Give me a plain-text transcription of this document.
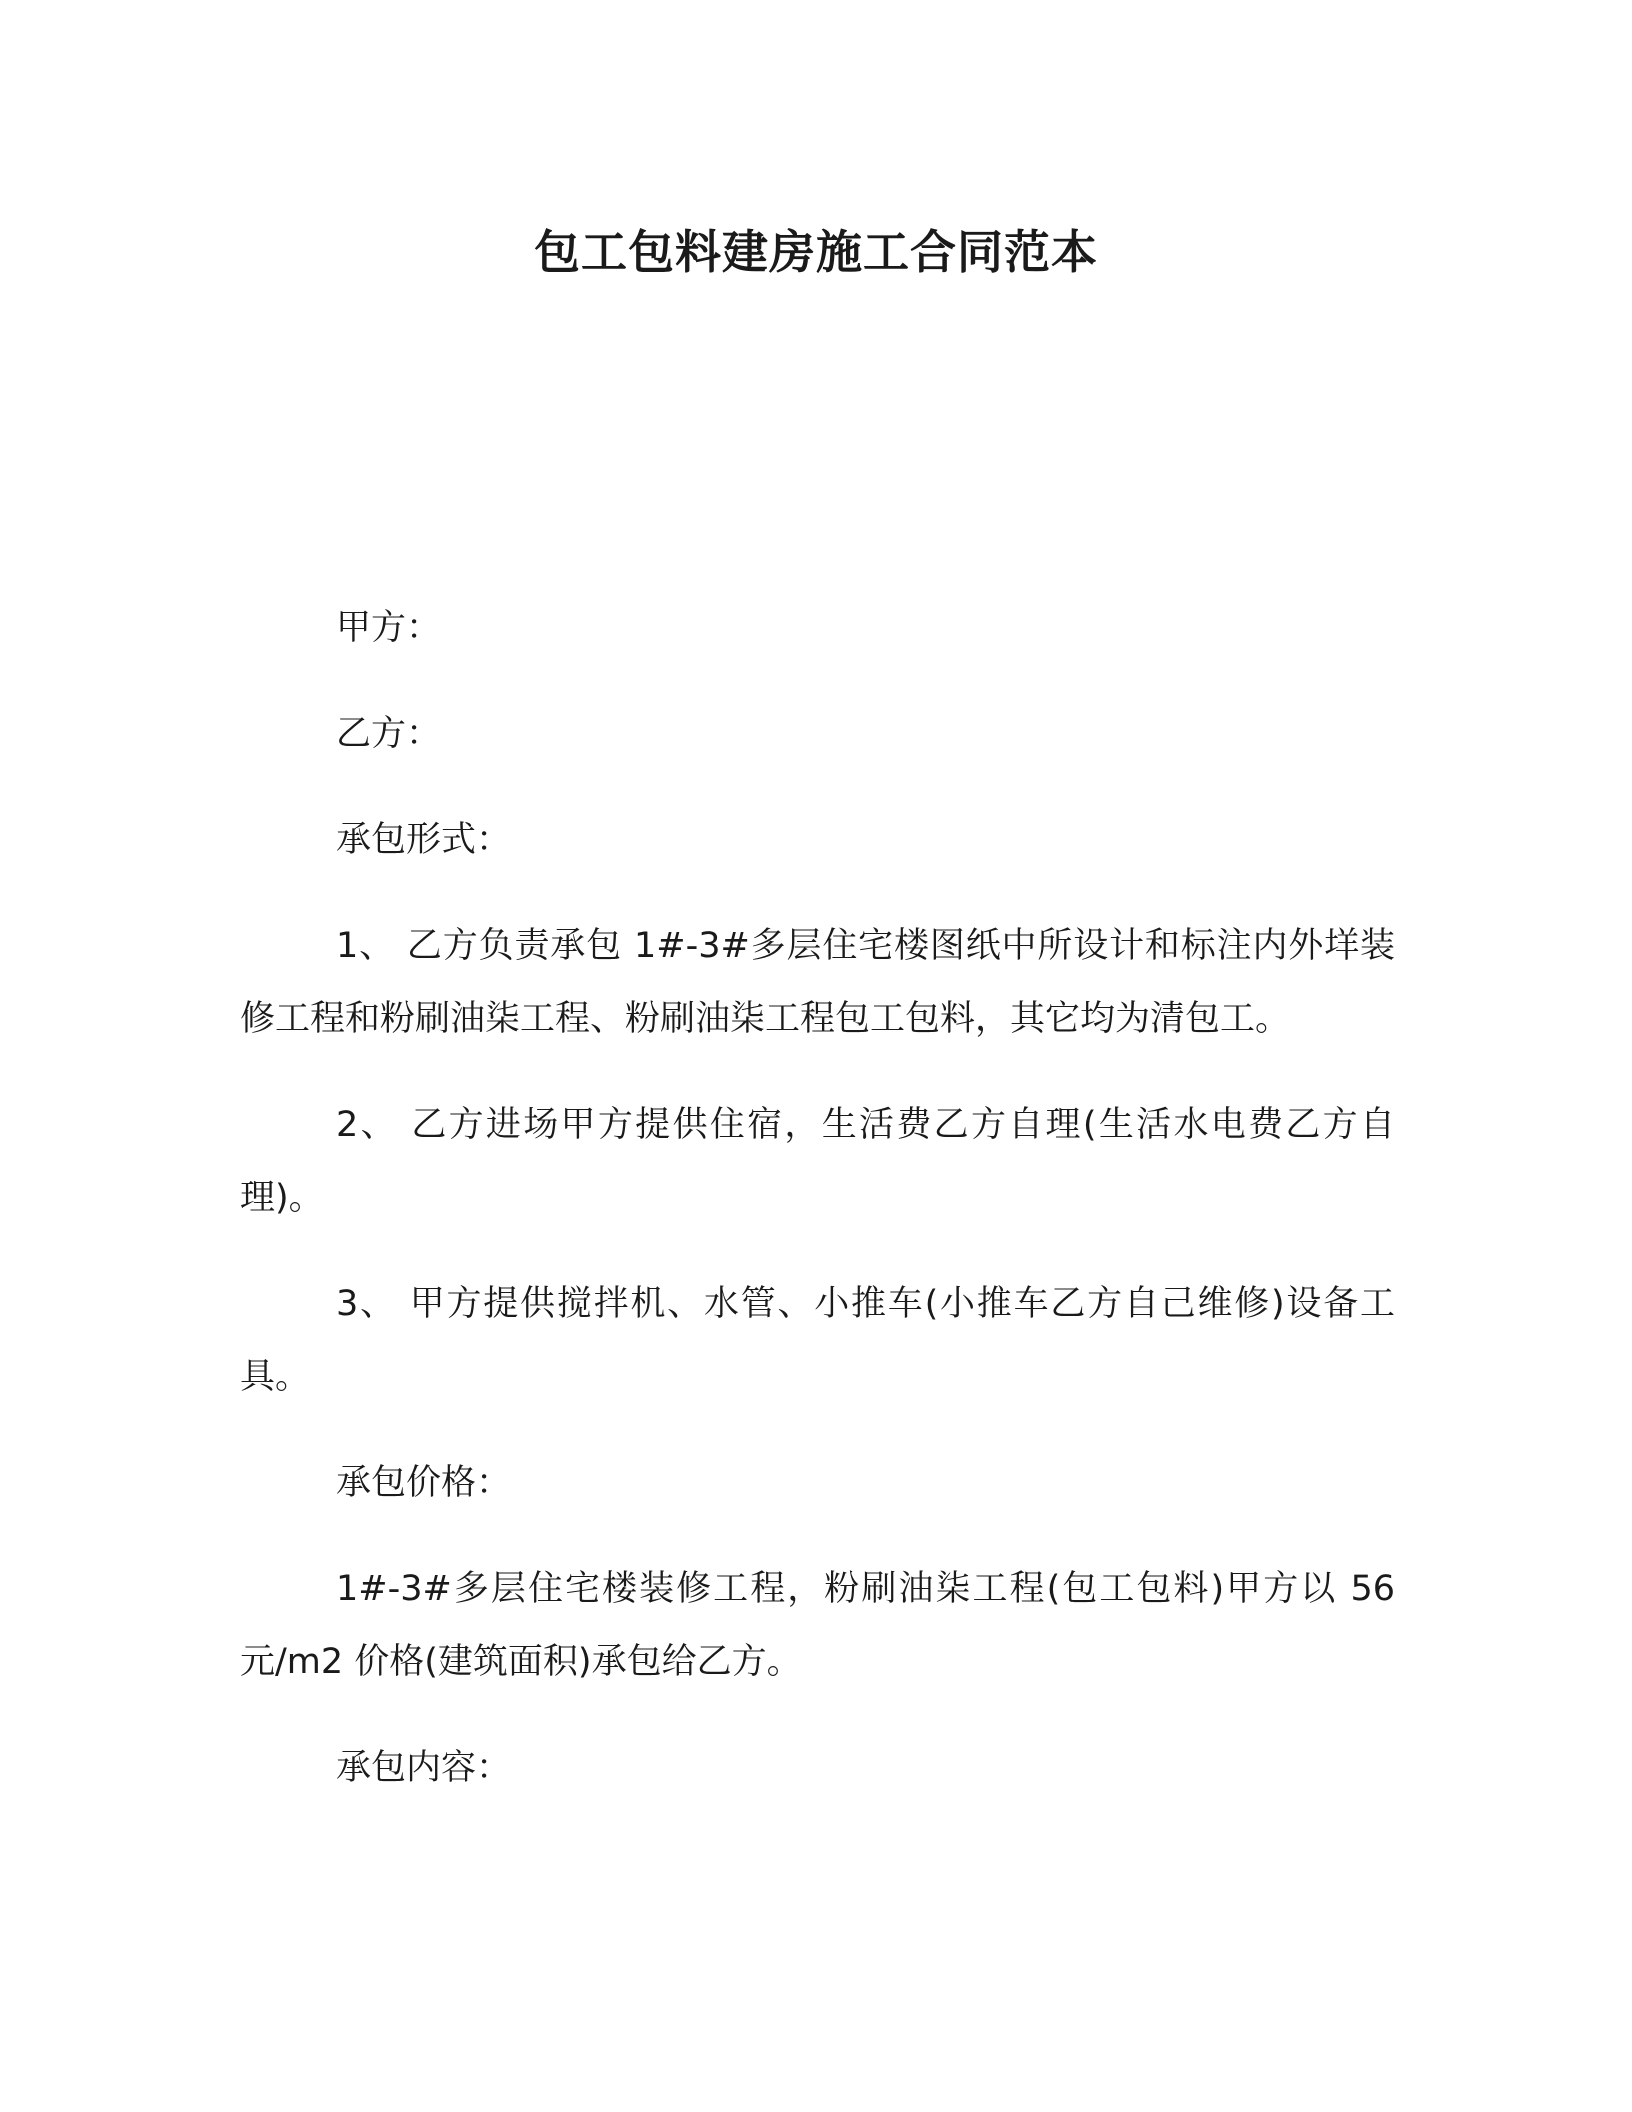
包工包料建房施工合同范本

甲方：

乙方：

承包形式：

1、 乙方负责承包 1#-3#多层住宅楼图纸中所设计和标注内外垟装修工程和粉刷油柒工程、粉刷油柒工程包工包料，其它均为清包工。

2、 乙方进场甲方提供住宿，生活费乙方自理(生活水电费乙方自理)。

3、 甲方提供搅拌机、水管、小推车(小推车乙方自己维修)设备工具。

承包价格：

1#-3#多层住宅楼装修工程，粉刷油柒工程(包工包料)甲方以 56 元/m2 价格(建筑面积)承包给乙方。

承包内容：
